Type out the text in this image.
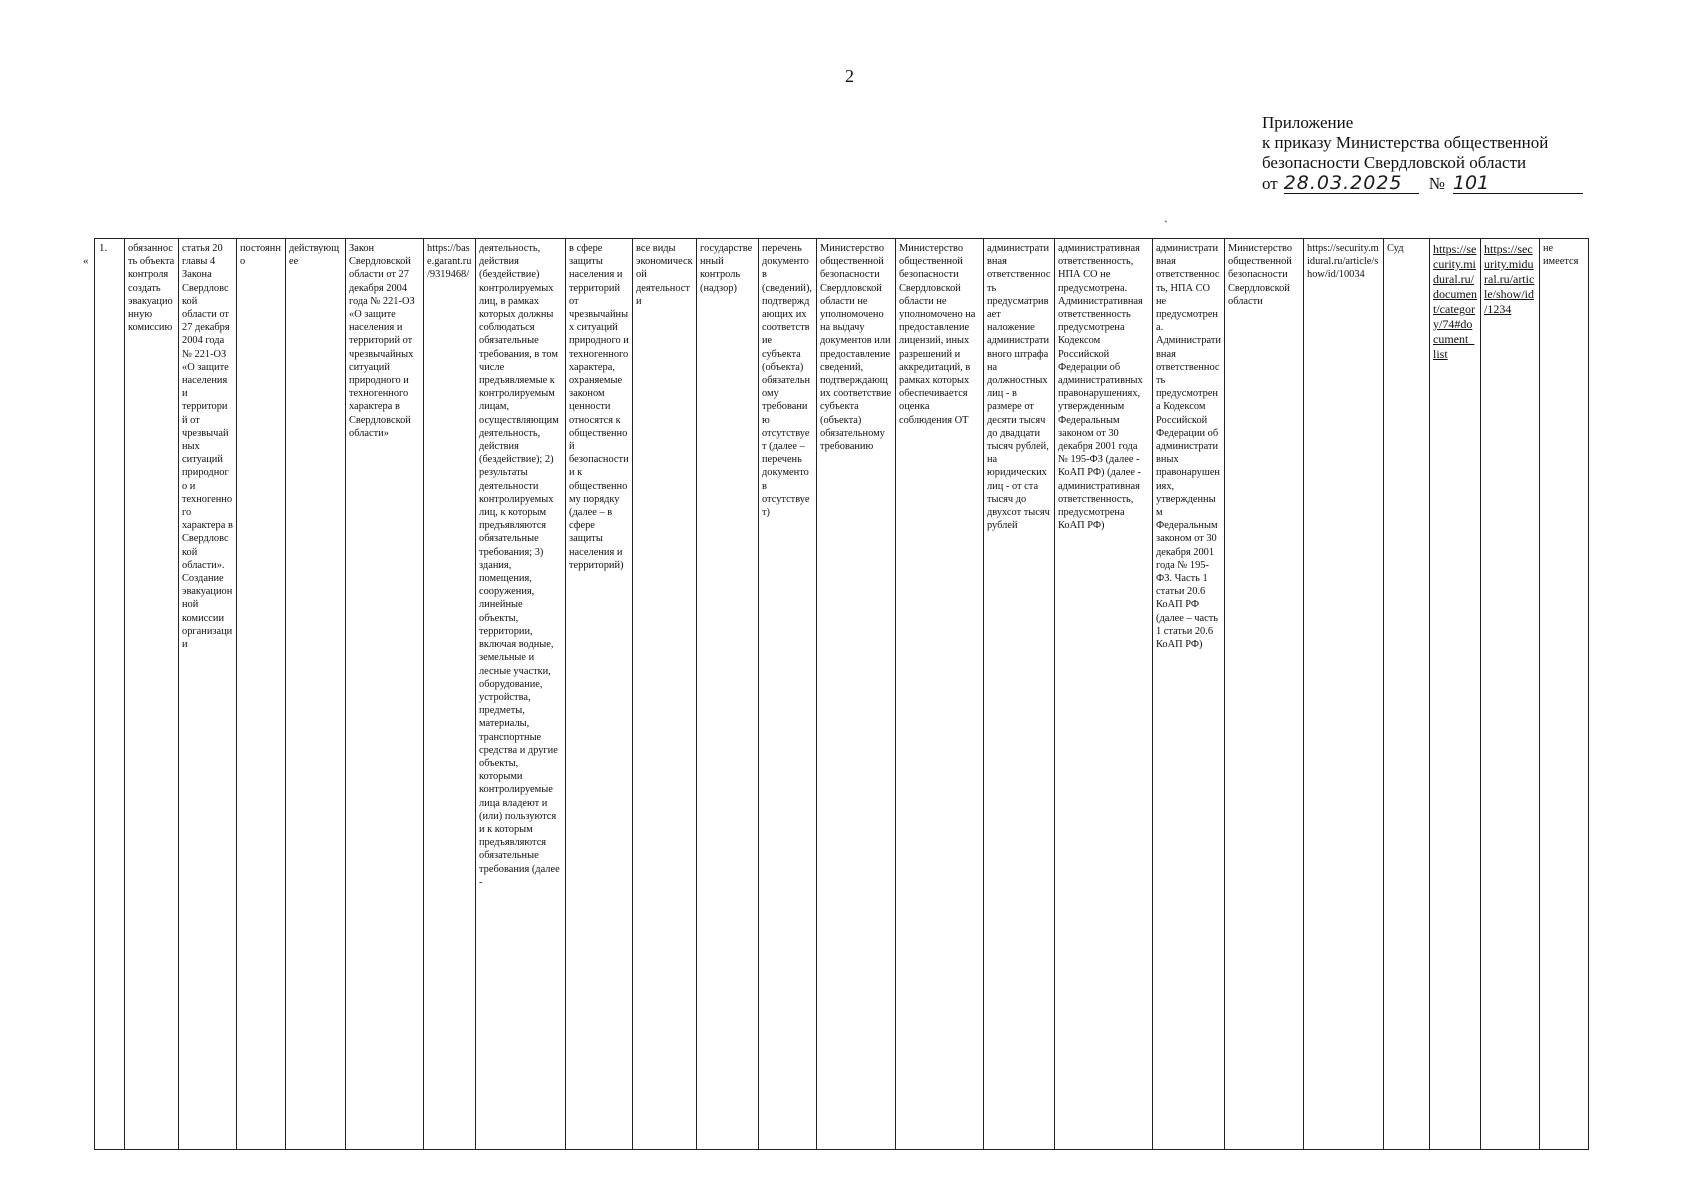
2
Приложение
к приказу Министерства общественной
безопасности Свердловской области
от 28.03.2025	№ 101
`
«
1.	обязанность объекта контроля создать эвакуационную комиссию	статья 20 главы 4 Закона Свердловской области от 27 декабря 2004 года № 221-ОЗ «О защите населения и территорий от чрезвычайных ситуаций природного и техногенного характера в Свердловской области». Создание эвакуационной комиссии организации	постоянно	действующее	Закон Свердловской области от 27 декабря 2004 года № 221-ОЗ «О защите населения и территорий от чрезвычайных ситуаций природного и техногенного характера в Свердловской области»	https://base.garant.ru/9319468/	деятельность, действия (бездействие) контролируемых лиц, в рамках которых должны соблюдаться обязательные требования, в том числе предъявляемые к контролируемым лицам, осуществляющим деятельность, действия (бездействие); 2) результаты деятельности контролируемых лиц, к которым предъявляются обязательные требования; 3) здания, помещения, сооружения, линейные объекты, территории, включая водные, земельные и лесные участки, оборудование, устройства, предметы, материалы, транспортные средства и другие объекты, которыми контролируемые лица владеют и (или) пользуются и к которым предъявляются обязательные требования (далее -	в сфере защиты населения и территорий от чрезвычайных ситуаций природного и техногенного характера, охраняемые законом ценности относятся к общественной безопасности и к общественному порядку (далее – в сфере защиты населения и территорий)	все виды экономической деятельности	государственный контроль (надзор)	перечень документов (сведений), подтверждающих их соответствие субъекта (объекта) обязательному требованию отсутствует (далее – перечень документов отсутствует)	Министерство общественной безопасности Свердловской области не уполномочено на выдачу документов или предоставление сведений, подтверждающих соответствие субъекта (объекта) обязательному требованию	Министерство общественной безопасности Свердловской области не уполномочено на предоставление лицензий, иных разрешений и аккредитаций, в рамках которых обеспечивается оценка соблюдения ОТ	административная ответственность предусматривает наложение административного штрафа на должностных лиц - в размере от десяти тысяч до двадцати тысяч рублей, на юридических лиц - от ста тысяч до двухсот тысяч рублей	административная ответственность, НПА СО не предусмотрена. Административная ответственность предусмотрена Кодексом Российской Федерации об административных правонарушениях, утвержденным Федеральным законом от 30 декабря 2001 года № 195-ФЗ (далее - КоАП РФ) (далее - административная ответственность, предусмотрена КоАП РФ)	административная ответственность, НПА СО не предусмотрена. Административная ответственность предусмотрена Кодексом Российской Федерации об административных правонарушениях, утвержденным Федеральным законом от 30 декабря 2001 года № 195-ФЗ. Часть 1 статьи 20.6 КоАП РФ (далее – часть 1 статьи 20.6 КоАП РФ)	Министерство общественной безопасности Свердловской области	https://security.midural.ru/article/show/id/10034	Суд	https://security.midural.ru/document/category/74#document_list	https://security.midural.ru/article/show/id/1234	не имеется
